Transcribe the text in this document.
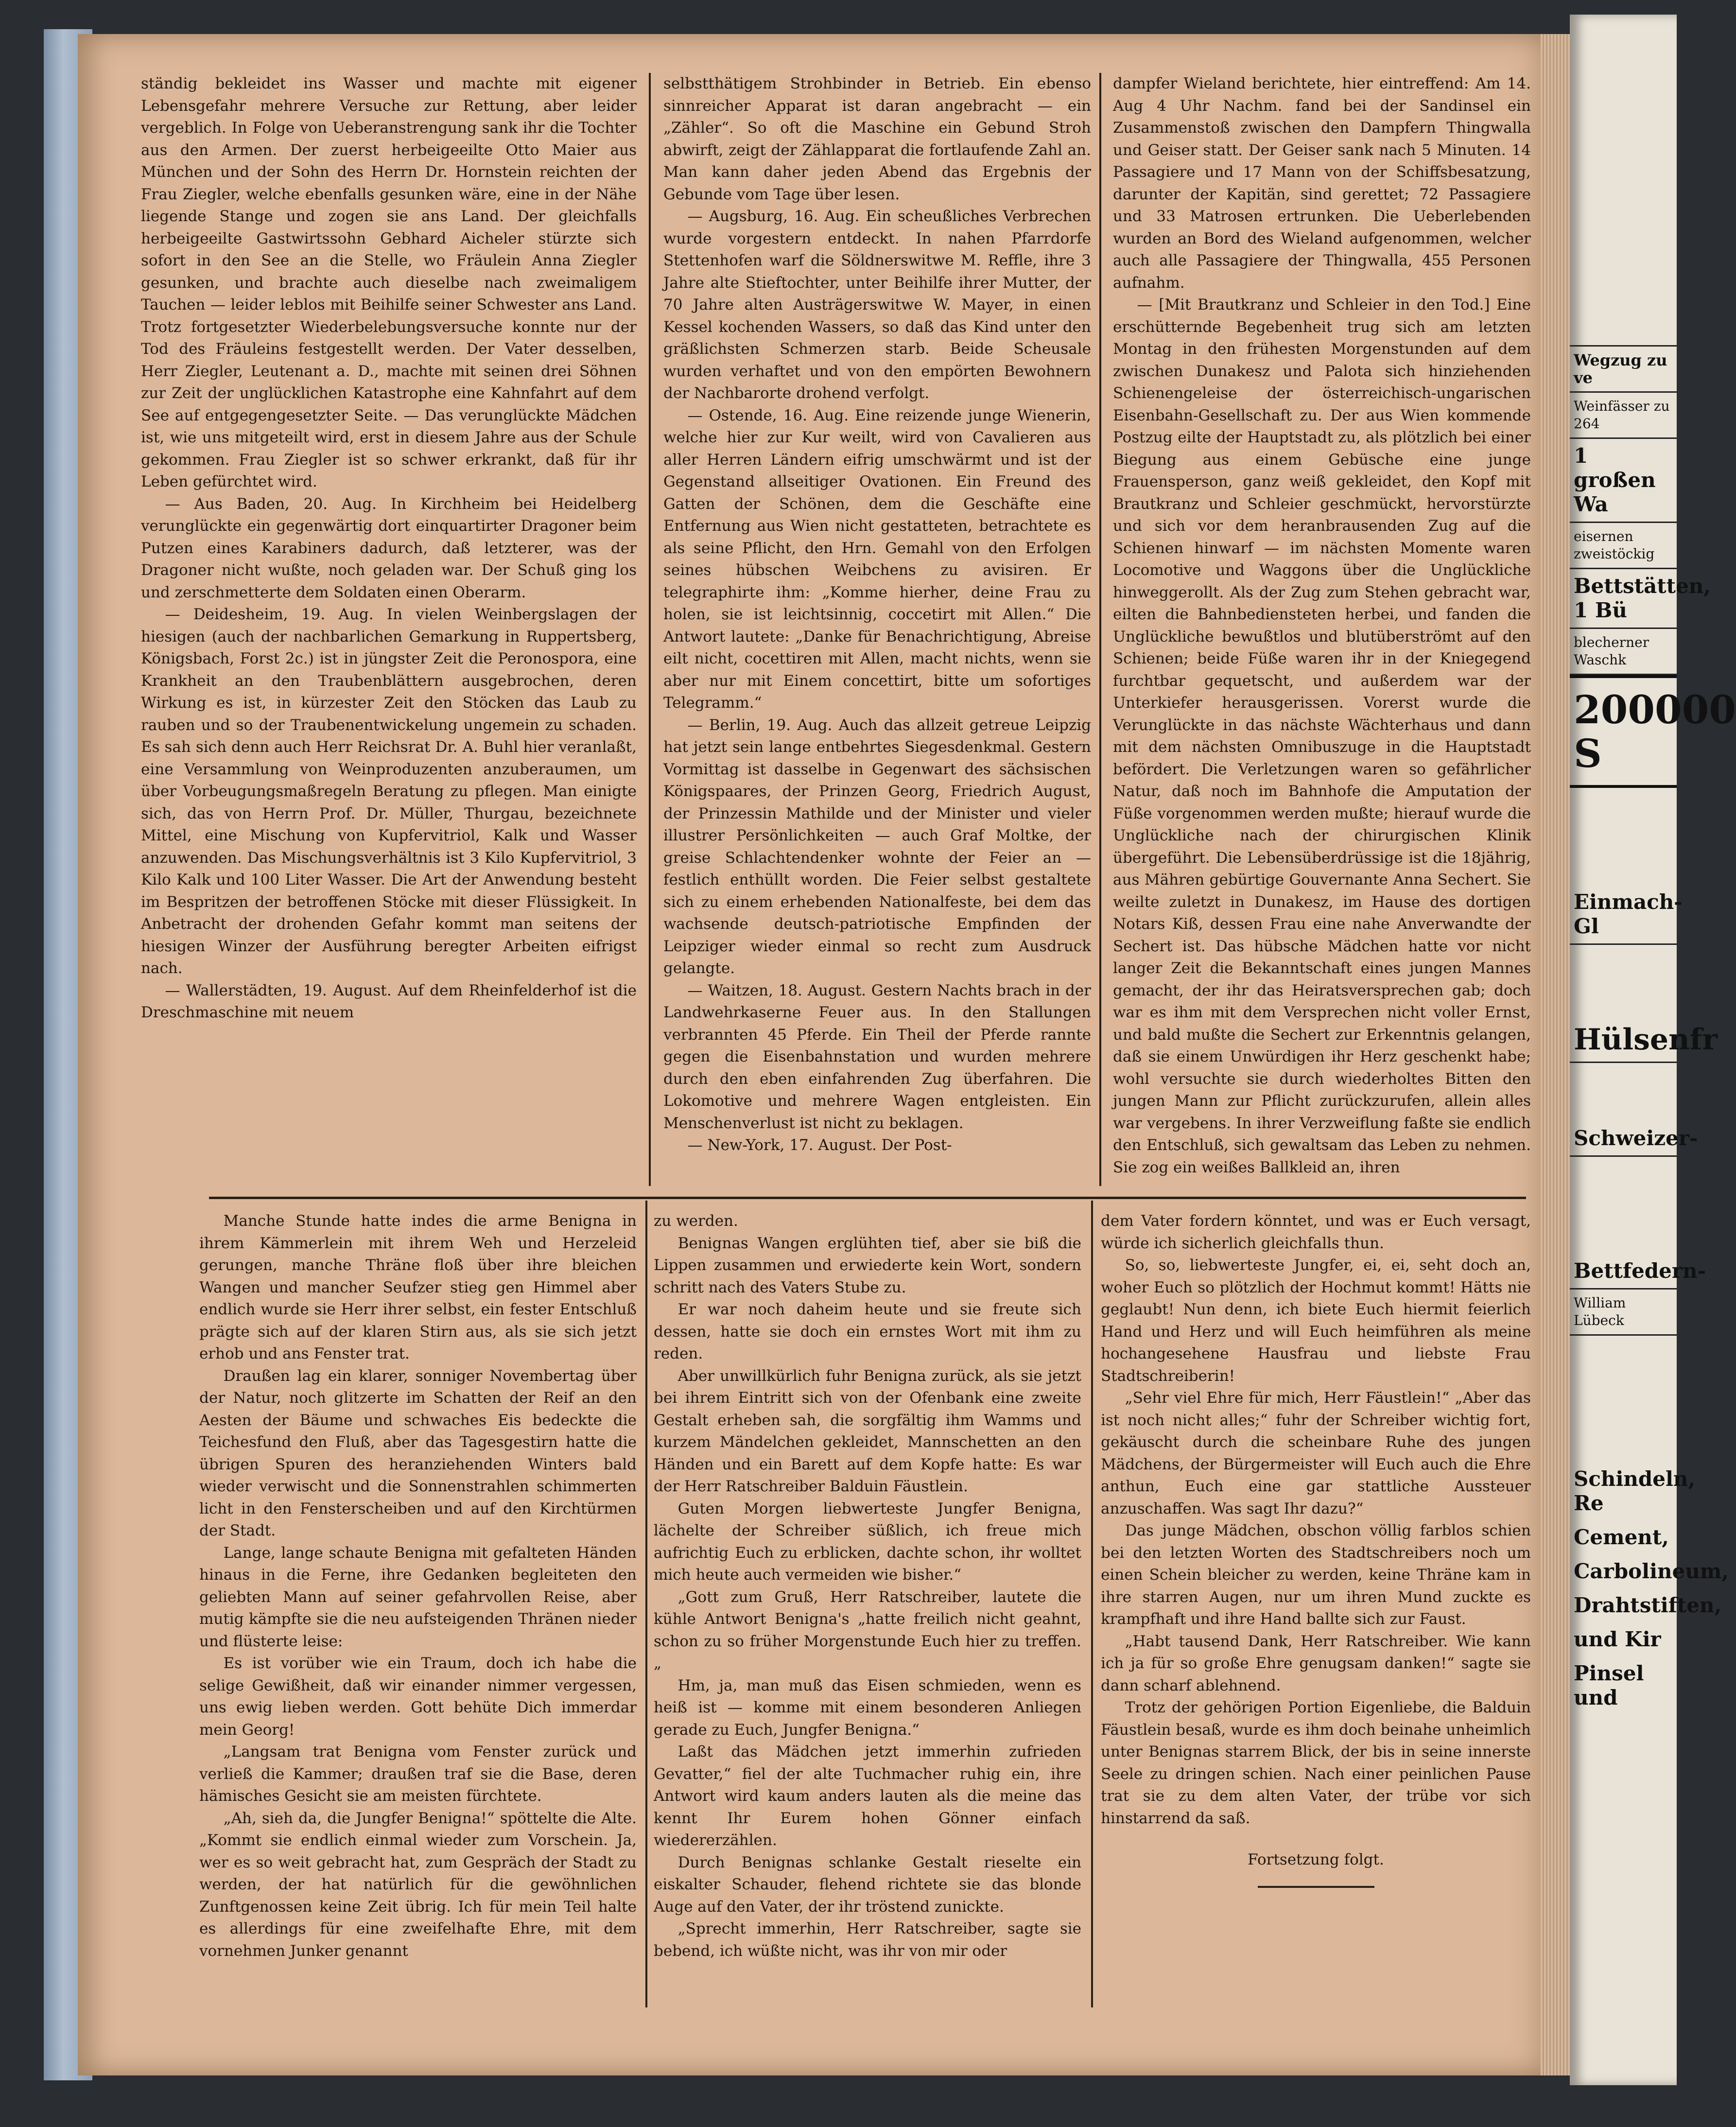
ständig bekleidet ins Wasser und machte mit eigener Lebensgefahr mehrere Versuche zur Rettung, aber leider vergeblich. In Folge von Ueberanstrengung sank ihr die Tochter aus den Armen. Der zuerst herbeigeeilte Otto Maier aus München und der Sohn des Herrn Dr. Hornstein reichten der Frau Ziegler, welche ebenfalls gesunken wäre, eine in der Nähe liegende Stange und zogen sie ans Land. Der gleichfalls herbeigeeilte Gastwirtssohn Gebhard Aicheler stürzte sich sofort in den See an die Stelle, wo Fräulein Anna Ziegler gesunken, und brachte auch dieselbe nach zweimaligem Tauchen — leider leblos mit Beihilfe seiner Schwester ans Land. Trotz fortgesetzter Wiederbelebungsversuche konnte nur der Tod des Fräuleins festgestellt werden. Der Vater desselben, Herr Ziegler, Leutenant a. D., machte mit seinen drei Söhnen zur Zeit der unglücklichen Katastrophe eine Kahnfahrt auf dem See auf entgegengesetzter Seite. — Das verunglückte Mädchen ist, wie uns mitgeteilt wird, erst in diesem Jahre aus der Schule gekommen. Frau Ziegler ist so schwer erkrankt, daß für ihr Leben gefürchtet wird.

— Aus Baden, 20. Aug. In Kirchheim bei Heidelberg verunglückte ein gegenwärtig dort einquartirter Dragoner beim Putzen eines Karabiners dadurch, daß letzterer, was der Dragoner nicht wußte, noch geladen war. Der Schuß ging los und zerschmetterte dem Soldaten einen Oberarm.

— Deidesheim, 19. Aug. In vielen Weinbergslagen der hiesigen (auch der nachbarlichen Gemarkung in Ruppertsberg, Königsbach, Forst 2c.) ist in jüngster Zeit die Peronospora, eine Krankheit an den Traubenblättern ausgebrochen, deren Wirkung es ist, in kürzester Zeit den Stöcken das Laub zu rauben und so der Traubenentwickelung ungemein zu schaden. Es sah sich denn auch Herr Reichsrat Dr. A. Buhl hier veranlaßt, eine Versammlung von Weinproduzenten anzuberaumen, um über Vorbeugungsmaßregeln Beratung zu pflegen. Man einigte sich, das von Herrn Prof. Dr. Müller, Thurgau, bezeichnete Mittel, eine Mischung von Kupfervitriol, Kalk und Wasser anzuwenden. Das Mischungsverhältnis ist 3 Kilo Kupfervitriol, 3 Kilo Kalk und 100 Liter Wasser. Die Art der Anwendung besteht im Bespritzen der betroffenen Stöcke mit dieser Flüssigkeit. In Anbetracht der drohenden Gefahr kommt man seitens der hiesigen Winzer der Ausführung beregter Arbeiten eifrigst nach.

— Wallerstädten, 19. August. Auf dem Rheinfelderhof ist die Dreschmaschine mit neuem

selbstthätigem Strohbinder in Betrieb. Ein ebenso sinnreicher Apparat ist daran angebracht — ein „Zähler“. So oft die Maschine ein Gebund Stroh abwirft, zeigt der Zählapparat die fortlaufende Zahl an. Man kann daher jeden Abend das Ergebnis der Gebunde vom Tage über lesen.

— Augsburg, 16. Aug. Ein scheußliches Verbrechen wurde vorgestern entdeckt. In nahen Pfarrdorfe Stettenhofen warf die Söldnerswitwe M. Reffle, ihre 3 Jahre alte Stieftochter, unter Beihilfe ihrer Mutter, der 70 Jahre alten Austrägerswitwe W. Mayer, in einen Kessel kochenden Wassers, so daß das Kind unter den gräßlichsten Schmerzen starb. Beide Scheusale wurden verhaftet und von den empörten Bewohnern der Nachbarorte drohend verfolgt.

— Ostende, 16. Aug. Eine reizende junge Wienerin, welche hier zur Kur weilt, wird von Cavalieren aus aller Herren Ländern eifrig umschwärmt und ist der Gegenstand allseitiger Ovationen. Ein Freund des Gatten der Schönen, dem die Geschäfte eine Entfernung aus Wien nicht gestatteten, betrachtete es als seine Pflicht, den Hrn. Gemahl von den Erfolgen seines hübschen Weibchens zu avisiren. Er telegraphirte ihm: „Komme hierher, deine Frau zu holen, sie ist leichtsinnig, coccetirt mit Allen.“ Die Antwort lautete: „Danke für Benachrichtigung, Abreise eilt nicht, cocettiren mit Allen, macht nichts, wenn sie aber nur mit Einem concettirt, bitte um sofortiges Telegramm.“

— Berlin, 19. Aug. Auch das allzeit getreue Leipzig hat jetzt sein lange entbehrtes Siegesdenkmal. Gestern Vormittag ist dasselbe in Gegenwart des sächsischen Königspaares, der Prinzen Georg, Friedrich August, der Prinzessin Mathilde und der Minister und vieler illustrer Persönlichkeiten — auch Graf Moltke, der greise Schlachtendenker wohnte der Feier an — festlich enthüllt worden. Die Feier selbst gestaltete sich zu einem erhebenden Nationalfeste, bei dem das wachsende deutsch-patriotische Empfinden der Leipziger wieder einmal so recht zum Ausdruck gelangte.

— Waitzen, 18. August. Gestern Nachts brach in der Landwehrkaserne Feuer aus. In den Stallungen verbrannten 45 Pferde. Ein Theil der Pferde rannte gegen die Eisenbahnstation und wurden mehrere durch den eben einfahrenden Zug überfahren. Die Lokomotive und mehrere Wagen entgleisten. Ein Menschenverlust ist nicht zu beklagen.

— New-York, 17. August. Der Post-

dampfer Wieland berichtete, hier eintreffend: Am 14. Aug 4 Uhr Nachm. fand bei der Sandinsel ein Zusammenstoß zwischen den Dampfern Thingwalla und Geiser statt. Der Geiser sank nach 5 Minuten. 14 Passagiere und 17 Mann von der Schiffsbesatzung, darunter der Kapitän, sind gerettet; 72 Passagiere und 33 Matrosen ertrunken. Die Ueberlebenden wurden an Bord des Wieland aufgenommen, welcher auch alle Passagiere der Thingwalla, 455 Personen aufnahm.

— [Mit Brautkranz und Schleier in den Tod.] Eine erschütternde Begebenheit trug sich am letzten Montag in den frühesten Morgenstunden auf dem zwischen Dunakesz und Palota sich hinziehenden Schienengeleise der österreichisch-ungarischen Eisenbahn-Gesellschaft zu. Der aus Wien kommende Postzug eilte der Hauptstadt zu, als plötzlich bei einer Biegung aus einem Gebüsche eine junge Frauensperson, ganz weiß gekleidet, den Kopf mit Brautkranz und Schleier geschmückt, hervorstürzte und sich vor dem heranbrausenden Zug auf die Schienen hinwarf — im nächsten Momente waren Locomotive und Waggons über die Unglückliche hinweggerollt. Als der Zug zum Stehen gebracht war, eilten die Bahnbediensteten herbei, und fanden die Unglückliche bewußtlos und blutüberströmt auf den Schienen; beide Füße waren ihr in der Kniegegend furchtbar gequetscht, und außerdem war der Unterkiefer herausgerissen. Vorerst wurde die Verunglückte in das nächste Wächterhaus und dann mit dem nächsten Omnibuszuge in die Hauptstadt befördert. Die Verletzungen waren so gefährlicher Natur, daß noch im Bahnhofe die Amputation der Füße vorgenommen werden mußte; hierauf wurde die Unglückliche nach der chirurgischen Klinik übergeführt. Die Lebensüberdrüssige ist die 18jährig, aus Mähren gebürtige Gouvernante Anna Sechert. Sie weilte zuletzt in Dunakesz, im Hause des dortigen Notars Kiß, dessen Frau eine nahe Anverwandte der Sechert ist. Das hübsche Mädchen hatte vor nicht langer Zeit die Bekanntschaft eines jungen Mannes gemacht, der ihr das Heiratsversprechen gab; doch war es ihm mit dem Versprechen nicht voller Ernst, und bald mußte die Sechert zur Erkenntnis gelangen, daß sie einem Unwürdigen ihr Herz geschenkt habe; wohl versuchte sie durch wiederholtes Bitten den jungen Mann zur Pflicht zurückzurufen, allein alles war vergebens. In ihrer Verzweiflung faßte sie endlich den Entschluß, sich gewaltsam das Leben zu nehmen. Sie zog ein weißes Ballkleid an, ihren

Manche Stunde hatte indes die arme Benigna in ihrem Kämmerlein mit ihrem Weh und Herzeleid gerungen, manche Thräne floß über ihre bleichen Wangen und mancher Seufzer stieg gen Himmel aber endlich wurde sie Herr ihrer selbst, ein fester Entschluß prägte sich auf der klaren Stirn aus, als sie sich jetzt erhob und ans Fenster trat.

Draußen lag ein klarer, sonniger Novembertag über der Natur, noch glitzerte im Schatten der Reif an den Aesten der Bäume und schwaches Eis bedeckte die Teichesfund den Fluß, aber das Tagesgestirn hatte die übrigen Spuren des heranziehenden Winters bald wieder verwischt und die Sonnenstrahlen schimmerten licht in den Fensterscheiben und auf den Kirchtürmen der Stadt.

Lange, lange schaute Benigna mit gefalteten Händen hinaus in die Ferne, ihre Gedanken begleiteten den geliebten Mann auf seiner gefahrvollen Reise, aber mutig kämpfte sie die neu aufsteigenden Thränen nieder und flüsterte leise:

Es ist vorüber wie ein Traum, doch ich habe die selige Gewißheit, daß wir einander nimmer vergessen, uns ewig lieben werden. Gott behüte Dich immerdar mein Georg!

„Langsam trat Benigna vom Fenster zurück und verließ die Kammer; draußen traf sie die Base, deren hämisches Gesicht sie am meisten fürchtete.

„Ah, sieh da, die Jungfer Benigna!“ spöttelte die Alte. „Kommt sie endlich einmal wieder zum Vorschein. Ja, wer es so weit gebracht hat, zum Gespräch der Stadt zu werden, der hat natürlich für die gewöhnlichen Zunftgenossen keine Zeit übrig. Ich für mein Teil halte es allerdings für eine zweifelhafte Ehre, mit dem vornehmen Junker genannt

zu werden.

Benignas Wangen erglühten tief, aber sie biß die Lippen zusammen und erwiederte kein Wort, sondern schritt nach des Vaters Stube zu.

Er war noch daheim heute und sie freute sich dessen, hatte sie doch ein ernstes Wort mit ihm zu reden.

Aber unwillkürlich fuhr Benigna zurück, als sie jetzt bei ihrem Eintritt sich von der Ofenbank eine zweite Gestalt erheben sah, die sorgfältig ihm Wamms und kurzem Mändelchen gekleidet, Mannschetten an den Händen und ein Barett auf dem Kopfe hatte: Es war der Herr Ratschreiber Balduin Fäustlein.

Guten Morgen liebwerteste Jungfer Benigna, lächelte der Schreiber süßlich, ich freue mich aufrichtig Euch zu erblicken, dachte schon, ihr wolltet mich heute auch vermeiden wie bisher.“

„Gott zum Gruß, Herr Ratschreiber, lautete die kühle Antwort Benigna's „hatte freilich nicht geahnt, schon zu so früher Morgenstunde Euch hier zu treffen.„

Hm, ja, man muß das Eisen schmieden, wenn es heiß ist — komme mit einem besonderen Anliegen gerade zu Euch, Jungfer Benigna.“

Laßt das Mädchen jetzt immerhin zufrieden Gevatter,“ fiel der alte Tuchmacher ruhig ein, ihre Antwort wird kaum anders lauten als die meine das kennt Ihr Eurem hohen Gönner einfach wiedererzählen.

Durch Benignas schlanke Gestalt rieselte ein eiskalter Schauder, flehend richtete sie das blonde Auge auf den Vater, der ihr tröstend zunickte.

„Sprecht immerhin, Herr Ratschreiber, sagte sie bebend, ich wüßte nicht, was ihr von mir oder

dem Vater fordern könntet, und was er Euch versagt, würde ich sicherlich gleichfalls thun.

So, so, liebwerteste Jungfer, ei, ei, seht doch an, woher Euch so plötzlich der Hochmut kommt! Hätts nie geglaubt! Nun denn, ich biete Euch hiermit feierlich Hand und Herz und will Euch heimführen als meine hochangesehene Hausfrau und liebste Frau Stadtschreiberin!

„Sehr viel Ehre für mich, Herr Fäustlein!“ „Aber das ist noch nicht alles;“ fuhr der Schreiber wichtig fort, gekäuscht durch die scheinbare Ruhe des jungen Mädchens, der Bürgermeister will Euch auch die Ehre anthun, Euch eine gar stattliche Aussteuer anzuschaffen. Was sagt Ihr dazu?“

Das junge Mädchen, obschon völlig farblos schien bei den letzten Worten des Stadtschreibers noch um einen Schein bleicher zu werden, keine Thräne kam in ihre starren Augen, nur um ihren Mund zuckte es krampfhaft und ihre Hand ballte sich zur Faust.

„Habt tausend Dank, Herr Ratschreiber. Wie kann ich ja für so große Ehre genugsam danken!“ sagte sie dann scharf ablehnend.

Trotz der gehörigen Portion Eigenliebe, die Balduin Fäustlein besaß, wurde es ihm doch beinahe unheimlich unter Benignas starrem Blick, der bis in seine innerste Seele zu dringen schien. Nach einer peinlichen Pause trat sie zu dem alten Vater, der trübe vor sich hinstarrend da saß.

Fortsetzung folgt.

Wegzug zu ve
Weinfässer zu 264
1 großen Wa
eisernen zweistöckig
Bettstätten, 1 Bü
blecherner Waschk
200000 S
Einmach-Gl
Hülsenfr
Schweizer-
Bettfedern-
William Lübeck
Schindeln, Re
Cement,
Carbolineum,
Drahtstiften,
und Kir
Pinsel und
